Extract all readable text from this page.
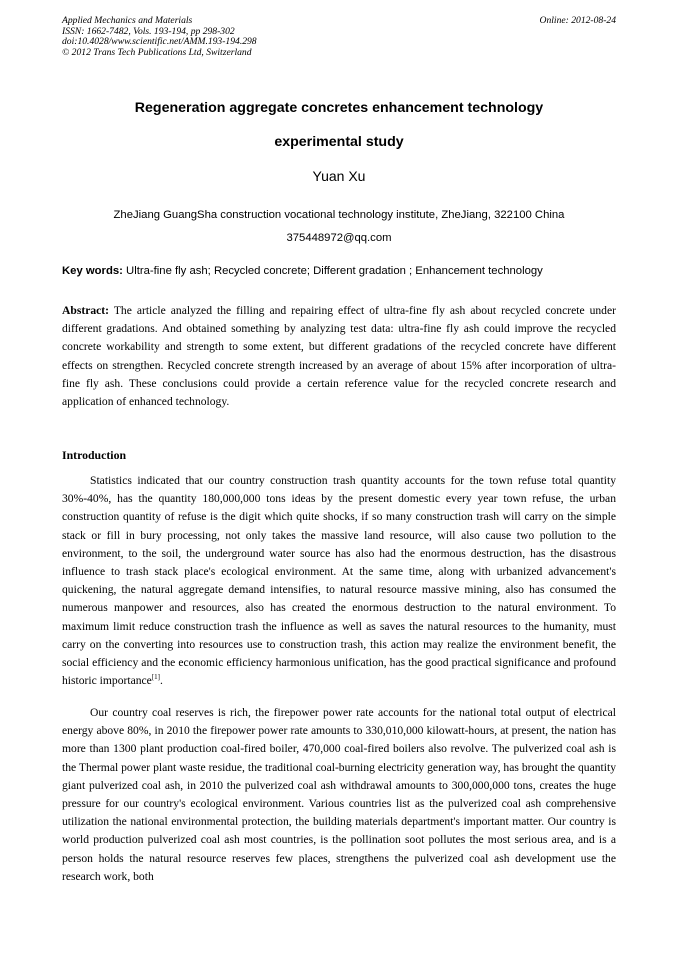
Applied Mechanics and Materials
ISSN: 1662-7482, Vols. 193-194, pp 298-302
doi:10.4028/www.scientific.net/AMM.193-194.298
© 2012 Trans Tech Publications Ltd, Switzerland
Online: 2012-08-24
Regeneration aggregate concretes enhancement technology
experimental study
Yuan Xu
ZheJiang GuangSha construction vocational technology institute, ZheJiang, 322100 China
375448972@qq.com
Key words: Ultra-fine fly ash; Recycled concrete; Different gradation ; Enhancement technology
Abstract: The article analyzed the filling and repairing effect of ultra-fine fly ash about recycled concrete under different gradations. And obtained something by analyzing test data: ultra-fine fly ash could improve the recycled concrete workability and strength to some extent, but different gradations of the recycled concrete have different effects on strengthen. Recycled concrete strength increased by an average of about 15% after incorporation of ultra-fine fly ash. These conclusions could provide a certain reference value for the recycled concrete research and application of enhanced technology.
Introduction
Statistics indicated that our country construction trash quantity accounts for the town refuse total quantity 30%-40%, has the quantity 180,000,000 tons ideas by the present domestic every year town refuse, the urban construction quantity of refuse is the digit which quite shocks, if so many construction trash will carry on the simple stack or fill in bury processing, not only takes the massive land resource, will also cause two pollution to the environment, to the soil, the underground water source has also had the enormous destruction, has the disastrous influence to trash stack place's ecological environment. At the same time, along with urbanized advancement's quickening, the natural aggregate demand intensifies, to natural resource massive mining, also has consumed the numerous manpower and resources, also has created the enormous destruction to the natural environment. To maximum limit reduce construction trash the influence as well as saves the natural resources to the humanity, must carry on the converting into resources use to construction trash, this action may realize the environment benefit, the social efficiency and the economic efficiency harmonious unification, has the good practical significance and profound historic importance[1].
Our country coal reserves is rich, the firepower power rate accounts for the national total output of electrical energy above 80%, in 2010 the firepower power rate amounts to 330,010,000 kilowatt-hours, at present, the nation has more than 1300 plant production coal-fired boiler, 470,000 coal-fired boilers also revolve. The pulverized coal ash is the Thermal power plant waste residue, the traditional coal-burning electricity generation way, has brought the quantity giant pulverized coal ash, in 2010 the pulverized coal ash withdrawal amounts to 300,000,000 tons, creates the huge pressure for our country's ecological environment. Various countries list as the pulverized coal ash comprehensive utilization the national environmental protection, the building materials department's important matter. Our country is world production pulverized coal ash most countries, is the pollination soot pollutes the most serious area, and is a person holds the natural resource reserves few places, strengthens the pulverized coal ash development use the research work, both
